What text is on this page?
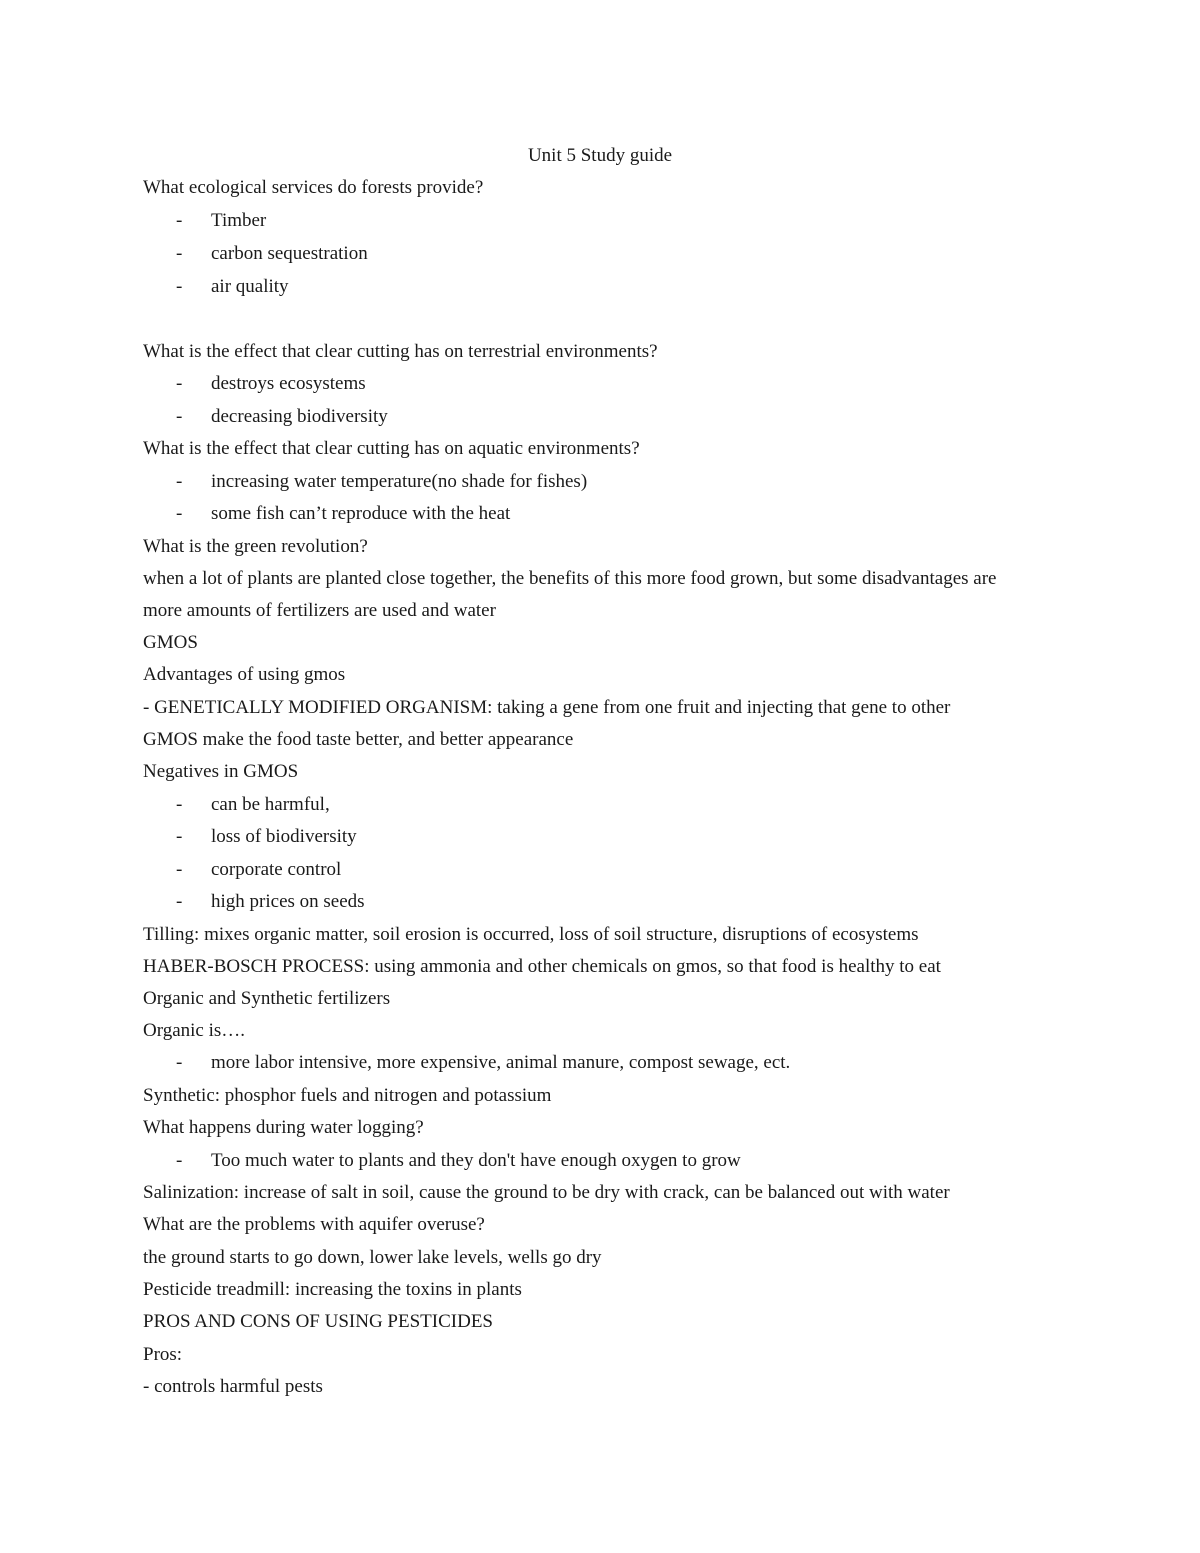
Unit 5 Study guide
What ecological services do forests provide?
- Timber
- carbon sequestration
- air quality
What is the effect that clear cutting has on terrestrial environments?
- destroys ecosystems
- decreasing biodiversity
What is the effect that clear cutting has on aquatic environments?
- increasing water temperature(no shade for fishes)
- some fish can’t reproduce with the heat
What is the green revolution?
when a lot of plants are planted close together, the benefits of this more food grown, but some disadvantages are
more amounts of fertilizers are used and water
GMOS
Advantages of using gmos
- GENETICALLY MODIFIED ORGANISM: taking a gene from one fruit and injecting that gene to other
GMOS make the food taste better, and better appearance
Negatives in GMOS
- can be harmful,
- loss of biodiversity
- corporate control
- high prices on seeds
Tilling: mixes organic matter, soil erosion is occurred, loss of soil structure, disruptions of ecosystems
HABER-BOSCH PROCESS: using ammonia and other chemicals on gmos, so that food is healthy to eat
Organic and Synthetic fertilizers
Organic is….
- more labor intensive, more expensive, animal manure, compost sewage, ect.
Synthetic: phosphor fuels and nitrogen and potassium
What happens during water logging?
- Too much water to plants and they don't have enough oxygen to grow
Salinization: increase of salt in soil, cause the ground to be dry with crack, can be balanced out with water
What are the problems with aquifer overuse?
the ground starts to go down, lower lake levels, wells go dry
Pesticide treadmill: increasing the toxins in plants
PROS AND CONS OF USING PESTICIDES
Pros:
- controls harmful pests
